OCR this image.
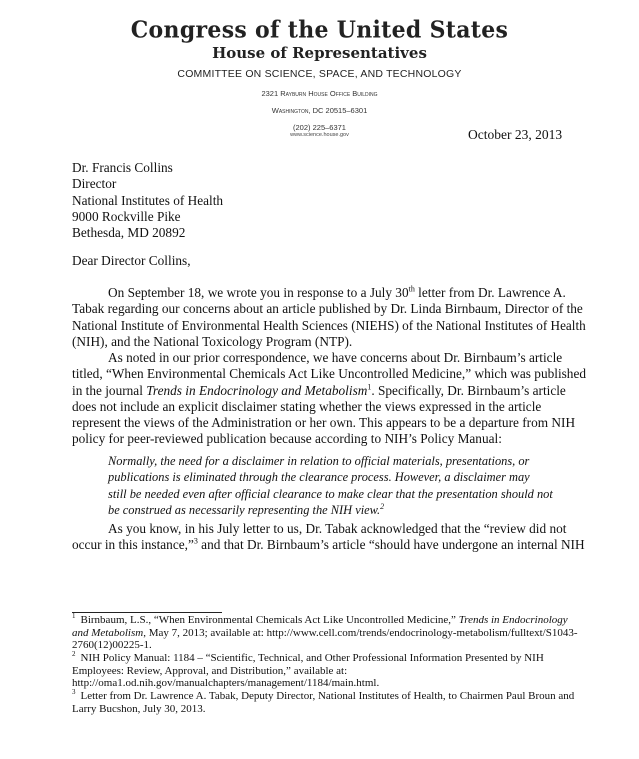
Congress of the United States
House of Representatives
COMMITTEE ON SCIENCE, SPACE, AND TECHNOLOGY
2321 Rayburn House Office Building
Washington, DC 20515–6301
(202) 225–6371
www.science.house.gov	October 23, 2013
Dr. Francis Collins
Director
National Institutes of Health
9000 Rockville Pike
Bethesda, MD 20892
Dear Director Collins,
On September 18, we wrote you in response to a July 30th letter from Dr. Lawrence A.
Tabak regarding our concerns about an article published by Dr. Linda Birnbaum, Director of the
National Institute of Environmental Health Sciences (NIEHS) of the National Institutes of Health
(NIH), and the National Toxicology Program (NTP).
As noted in our prior correspondence, we have concerns about Dr. Birnbaum’s article
titled, “When Environmental Chemicals Act Like Uncontrolled Medicine,” which was published
in the journal Trends in Endocrinology and Metabolism$^1$. Specifically, Dr. Birnbaum’s article
does not include an explicit disclaimer stating whether the views expressed in the article
represent the views of the Administration or her own. This appears to be a departure from NIH
policy for peer-reviewed publication because according to NIH’s Policy Manual:
Normally, the need for a disclaimer in relation to official materials, presentations, or
publications is eliminated through the clearance process. However, a disclaimer may
still be needed even after official clearance to make clear that the presentation should not
be construed as necessarily representing the NIH view.$^2$
As you know, in his July letter to us, Dr. Tabak acknowledged that the “review did not
occur in this instance,”$^3$ and that Dr. Birnbaum’s article “should have undergone an internal NIH
$^1$ Birnbaum, L.S., “When Environmental Chemicals Act Like Uncontrolled Medicine,” Trends in Endocrinology
and Metabolism, May 7, 2013; available at: http://www.cell.com/trends/endocrinology-metabolism/fulltext/S1043-
2760(12)00225-1.
$^2$ NIH Policy Manual: 1184 – “Scientific, Technical, and Other Professional Information Presented by NIH
Employees: Review, Approval, and Distribution,” available at:
http://oma1.od.nih.gov/manualchapters/management/1184/main.html.
$^3$ Letter from Dr. Lawrence A. Tabak, Deputy Director, National Institutes of Health, to Chairmen Paul Broun and
Larry Bucshon, July 30, 2013.
